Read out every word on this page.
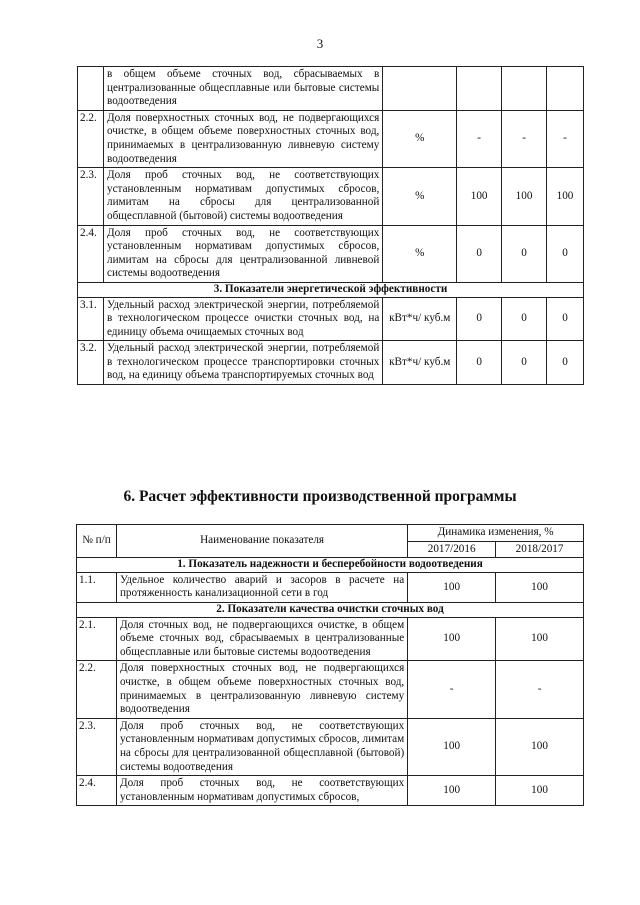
3
	в общем объеме сточных вод, сбрасываемых в централизованные общесплавные или бытовые системы водоотведения				
2.2.	Доля поверхностных сточных вод, не подвергающихся очистке, в общем объеме поверхностных сточных вод, принимаемых в централизованную ливневую систему водоотведения	%	-	-	-
2.3.	Доля проб сточных вод, не соответствующих установленным нормативам допустимых сбросов, лимитам на сбросы для централизованной общесплавной (бытовой) системы водоотведения	%	100	100	100
2.4.	Доля проб сточных вод, не соответствующих установленным нормативам допустимых сбросов, лимитам на сбросы для централизованной ливневой системы водоотведения	%	0	0	0
3. Показатели энергетической эффективности					
3.1.	Удельный расход электрической энергии, потребляемой в технологическом процессе очистки сточных вод, на единицу объема очищаемых сточных вод	кВт*ч/ куб.м	0	0	0
3.2.	Удельный расход электрической энергии, потребляемой в технологическом процессе транспортировки сточных вод, на единицу объема транспортируемых сточных вод	кВт*ч/ куб.м	0	0	0
6. Расчет эффективности производственной программы
№ п/п	Наименование показателя	Динамика изменения, %	
		2017/2016	2018/2017
1. Показатель надежности и бесперебойности водоотведения			
1.1.	Удельное количество аварий и засоров в расчете на протяженность канализационной сети в год	100	100
2. Показатели качества очистки сточных вод			
2.1.	Доля сточных вод, не подвергающихся очистке, в общем объеме сточных вод, сбрасываемых в централизованные общесплавные или бытовые системы водоотведения	100	100
2.2.	Доля поверхностных сточных вод, не подвергающихся очистке, в общем объеме поверхностных сточных вод, принимаемых в централизованную ливневую систему водоотведения	-	-
2.3.	Доля проб сточных вод, не соответствующих установленным нормативам допустимых сбросов, лимитам на сбросы для централизованной общесплавной (бытовой) системы водоотведения	100	100
2.4.	Доля проб сточных вод, не соответствующих установленным нормативам допустимых сбросов,	100	100
